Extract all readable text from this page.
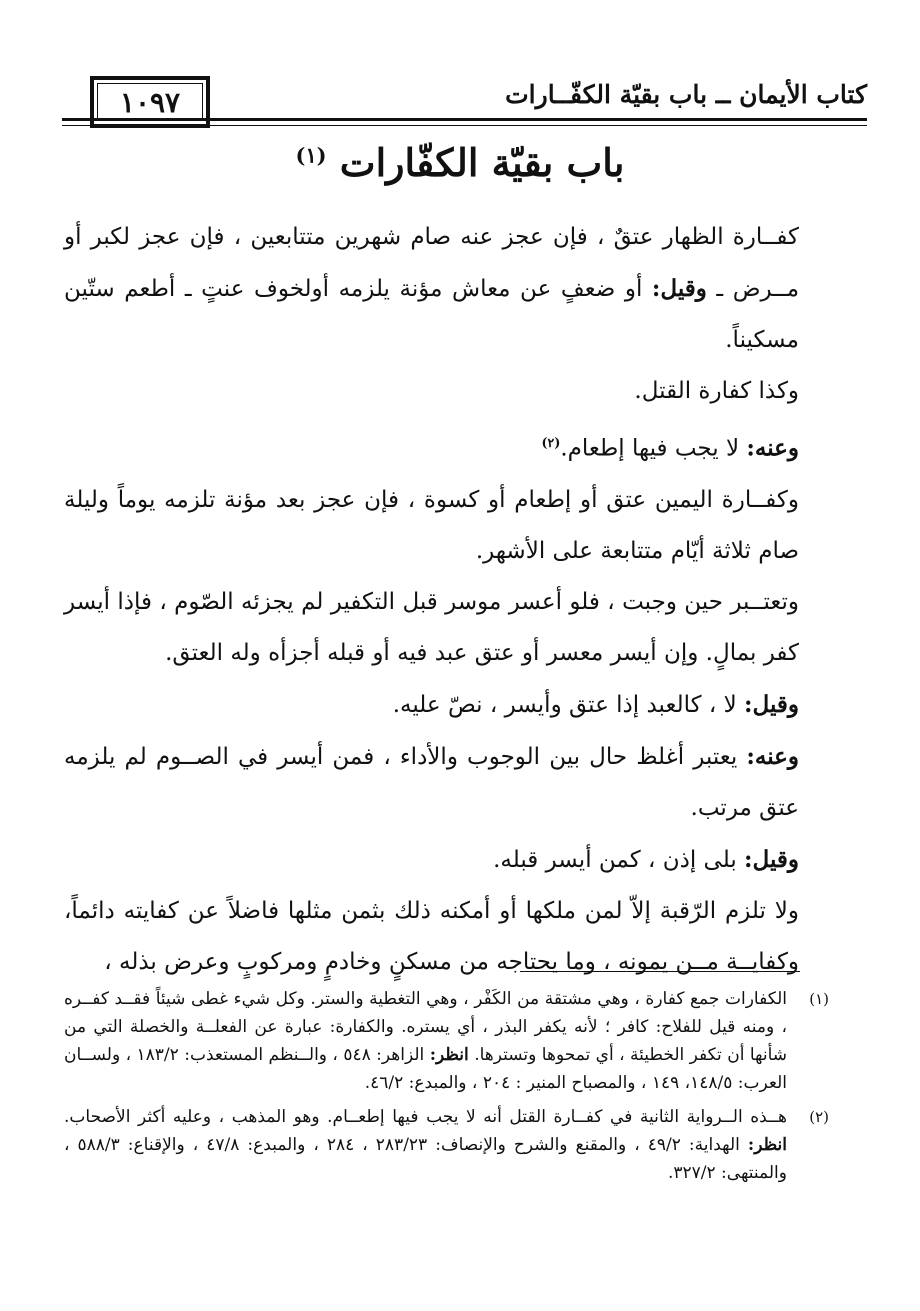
١٠٩٧	كتاب الأيمان ــ باب بقيّة الكفّــارات
باب بقيّة الكفّارات $^{(١)}$

كفــارة الظهار عتقٌ ، فإن عجز عنه صام شهرين متتابعين ، فإن عجز لكبر أو مــرض ـ وقيل: أو ضعفٍ عن معاش مؤنة يلزمه أولخوف عنتٍ ـ أطعم ستّين مسكيناً.

وكذا كفارة القتل.

وعنه: لا يجب فيها إطعام.$^{(٢)}$

وكفــارة اليمين عتق أو إطعام أو كسوة ، فإن عجز بعد مؤنة تلزمه يوماً وليلة صام ثلاثة أيّام متتابعة على الأشهر.

وتعتــبر حين وجبت ، فلو أعسر موسر قبل التكفير لم يجزئه الصّوم ، فإذا أيسر كفر بمالٍ. وإن أيسر معسر أو عتق عبد فيه أو قبله أجزأه وله العتق.

وقيل: لا ، كالعبد إذا عتق وأيسر ، نصّ عليه.

وعنه: يعتبر أغلظ حال بين الوجوب والأداء ، فمن أيسر في الصــوم لم يلزمه عتق مرتب.

وقيل: بلى إذن ، كمن أيسر قبله.

ولا تلزم الرّقبة إلاّ لمن ملكها أو أمكنه ذلك بثمن مثلها فاضلاً عن كفايته دائماً، وكفايــة مــن يمونه ، وما يحتاجه من مسكنٍ وخادمٍ ومركوبٍ وعرض بذله ،

(١)
الكفارات جمع كفارة ، وهي مشتقة من الكَفْر ، وهي التغطية والستر. وكل شيء غطى شيئاً فقــد كفــره ، ومنه قيل للفلاح: كافر ؛ لأنه يكفر البذر ، أي يستره. والكفارة: عبارة عن الفعلــة والخصلة التي من شأنها أن تكفر الخطيئة ، أي تمحوها وتسترها. انظر: الزاهر: ٥٤٨ ، والــنظم المستعذب: ١٨٣/٢ ، ولســان العرب: ١٤٨/٥، ١٤٩ ، والمصباح المنير : ٢٠٤ ، والمبدع: ٤٦/٢.
(٢)
هــذه الــرواية الثانية في كفــارة القتل أنه لا يجب فيها إطعــام. وهو المذهب ، وعليه أكثر الأصحاب. انظر: الهداية: ٤٩/٢ ، والمقنع والشرح والإنصاف: ٢٨٣/٢٣ ، ٢٨٤ ، والمبدع: ٤٧/٨ ، والإقناع: ٥٨٨/٣ ، والمنتهى: ٣٢٧/٢.
